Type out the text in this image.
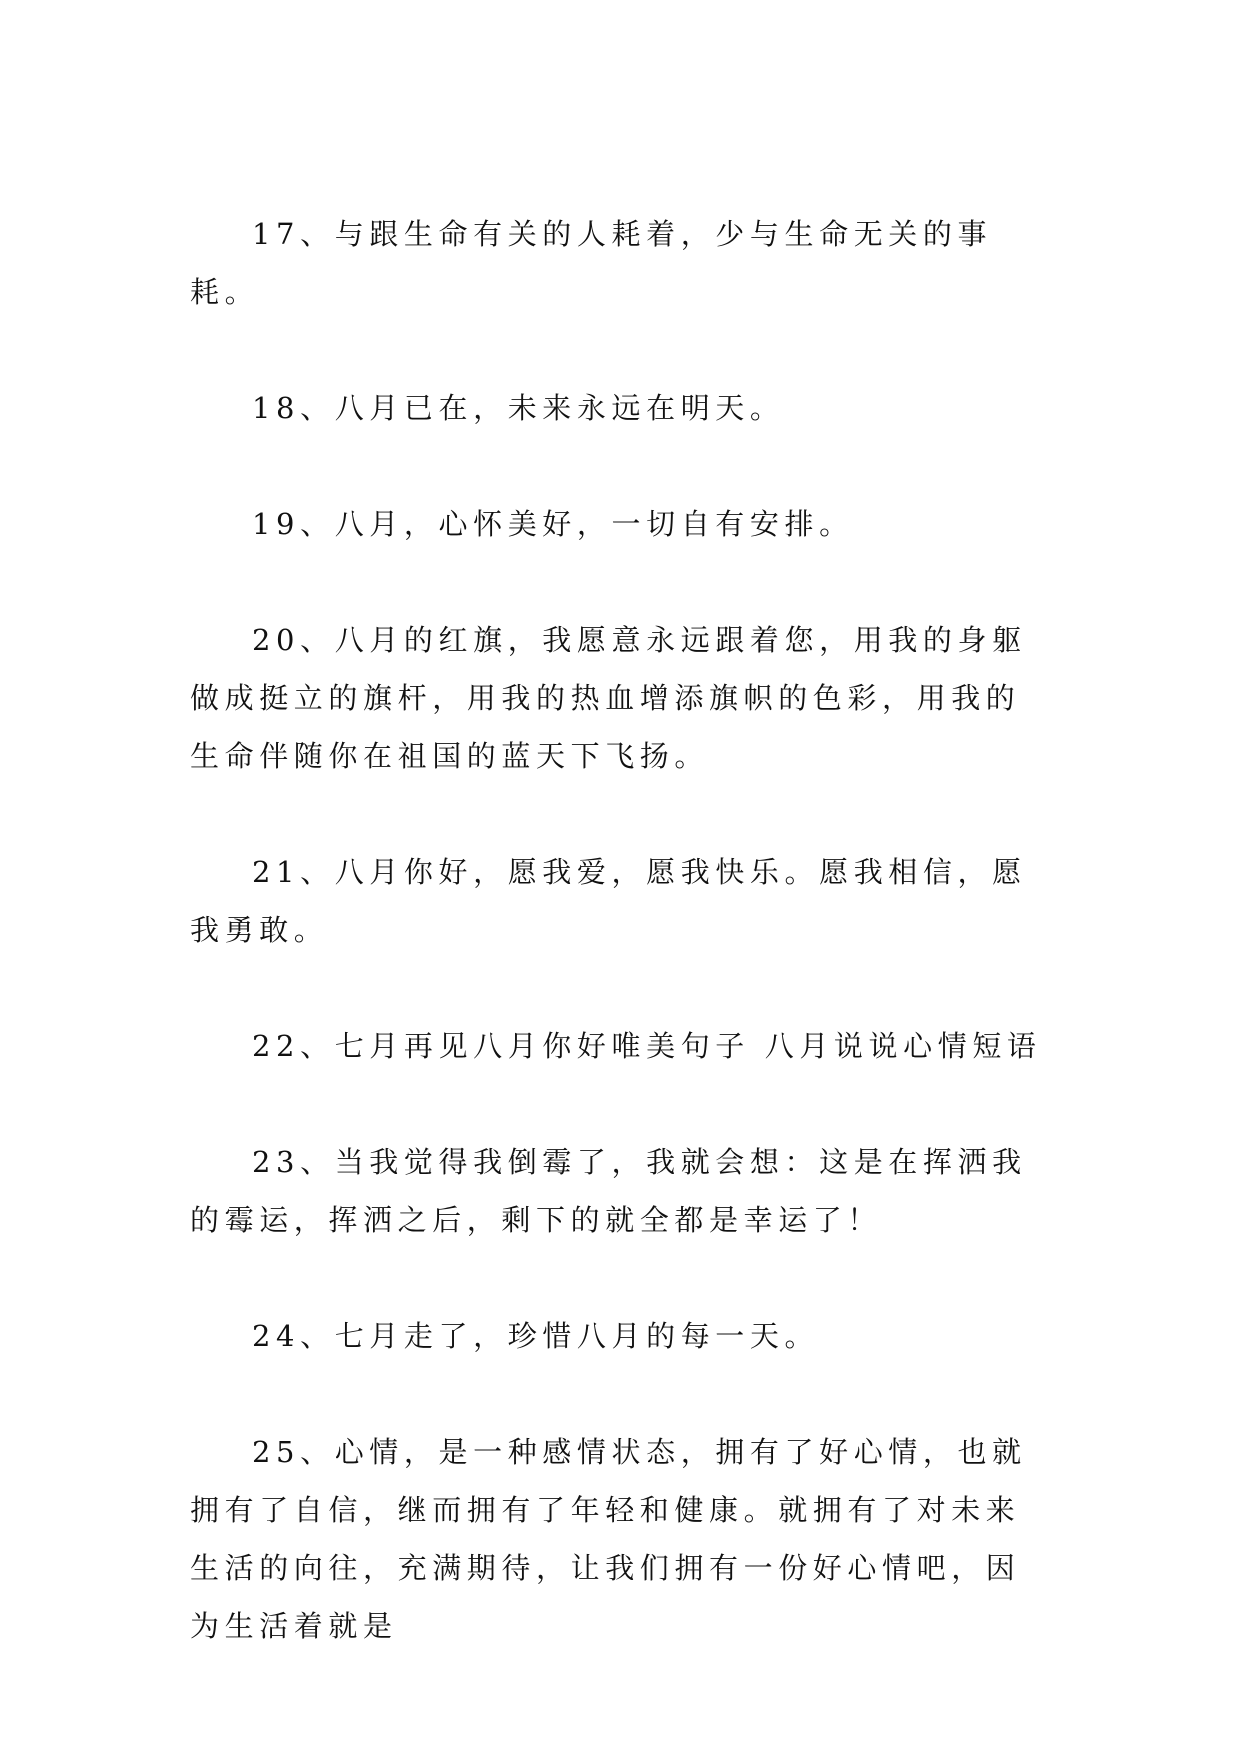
17、与跟生命有关的人耗着，少与生命无关的事耗。

18、八月已在，未来永远在明天。

19、八月，心怀美好，一切自有安排。

20、八月的红旗，我愿意永远跟着您，用我的身躯做成挺立的旗杆，用我的热血增添旗帜的色彩，用我的生命伴随你在祖国的蓝天下飞扬。

21、八月你好，愿我爱，愿我快乐。愿我相信，愿我勇敢。

22、七月再见八月你好唯美句子 八月说说心情短语

23、当我觉得我倒霉了，我就会想：这是在挥洒我的霉运，挥洒之后，剩下的就全都是幸运了！

24、七月走了，珍惜八月的每一天。

25、心情，是一种感情状态，拥有了好心情，也就拥有了自信，继而拥有了年轻和健康。就拥有了对未来生活的向往，充满期待，让我们拥有一份好心情吧，因为生活着就是
